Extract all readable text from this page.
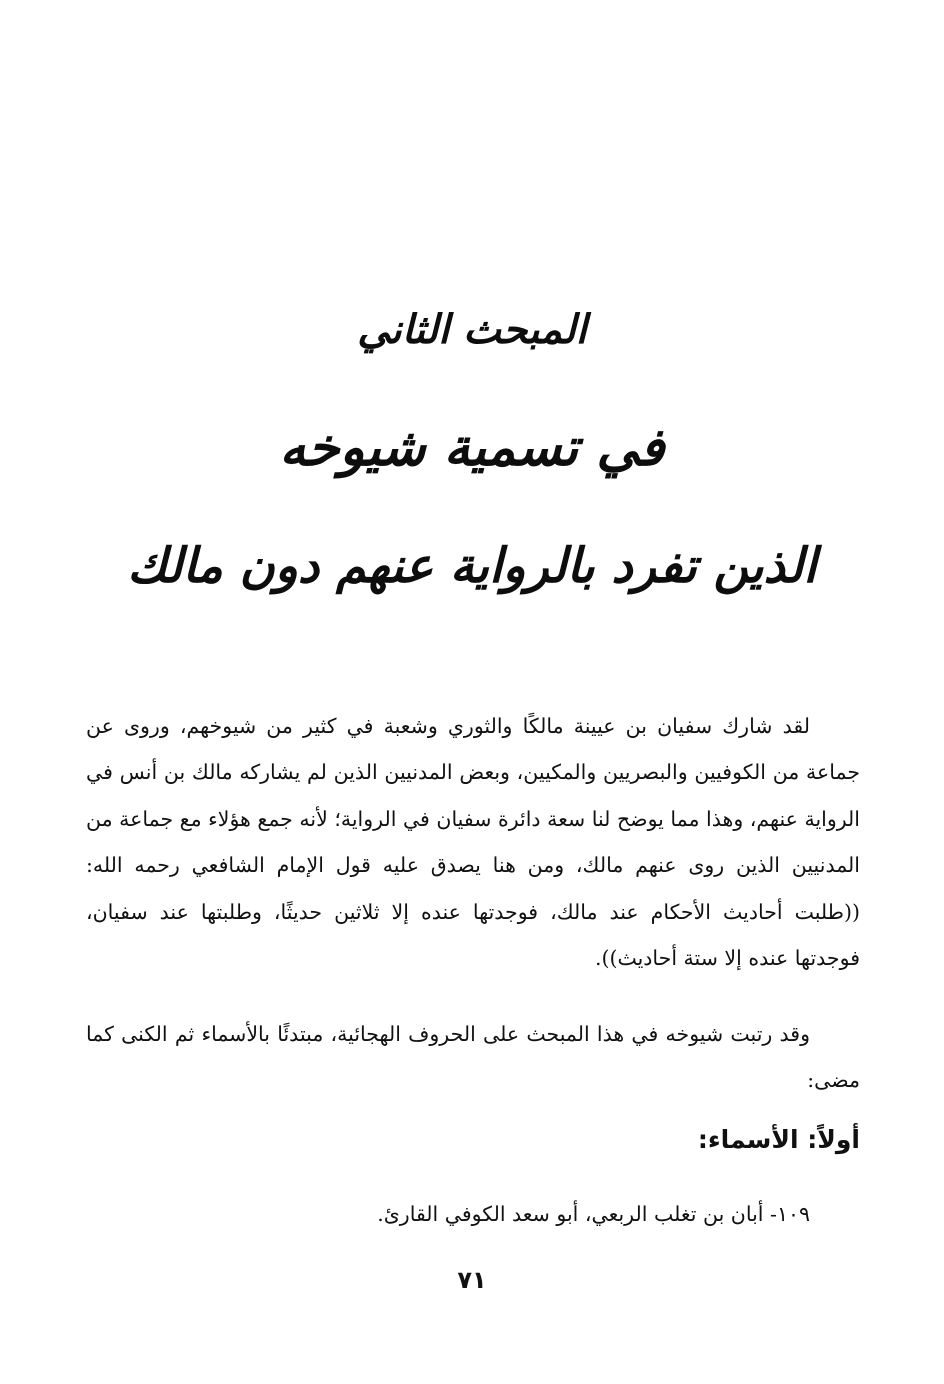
المبحث الثاني
في تسمية شيوخه
الذين تفرد بالرواية عنهم دون مالك

لقد شارك سفيان بن عيينة مالكًا والثوري وشعبة في كثير من شيوخهم، وروى عن جماعة من الكوفيين والبصريين والمكيين، وبعض المدنيين الذين لم يشاركه مالك بن أنس في الرواية عنهم، وهذا مما يوضح لنا سعة دائرة سفيان في الرواية؛ لأنه جمع هؤلاء مع جماعة من المدنيين الذين روى عنهم مالك، ومن هنا يصدق عليه قول الإمام الشافعي رحمه الله: ((طلبت أحاديث الأحكام عند مالك، فوجدتها عنده إلا ثلاثين حديثًا، وطلبتها عند سفيان، فوجدتها عنده إلا ستة أحاديث)).

وقد رتبت شيوخه في هذا المبحث على الحروف الهجائية، مبتدئًا بالأسماء ثم الكنى كما مضى:

أولاً: الأسماء:
١٠٩- أبان بن تغلب الربعي، أبو سعد الكوفي القارئ.
٧١
